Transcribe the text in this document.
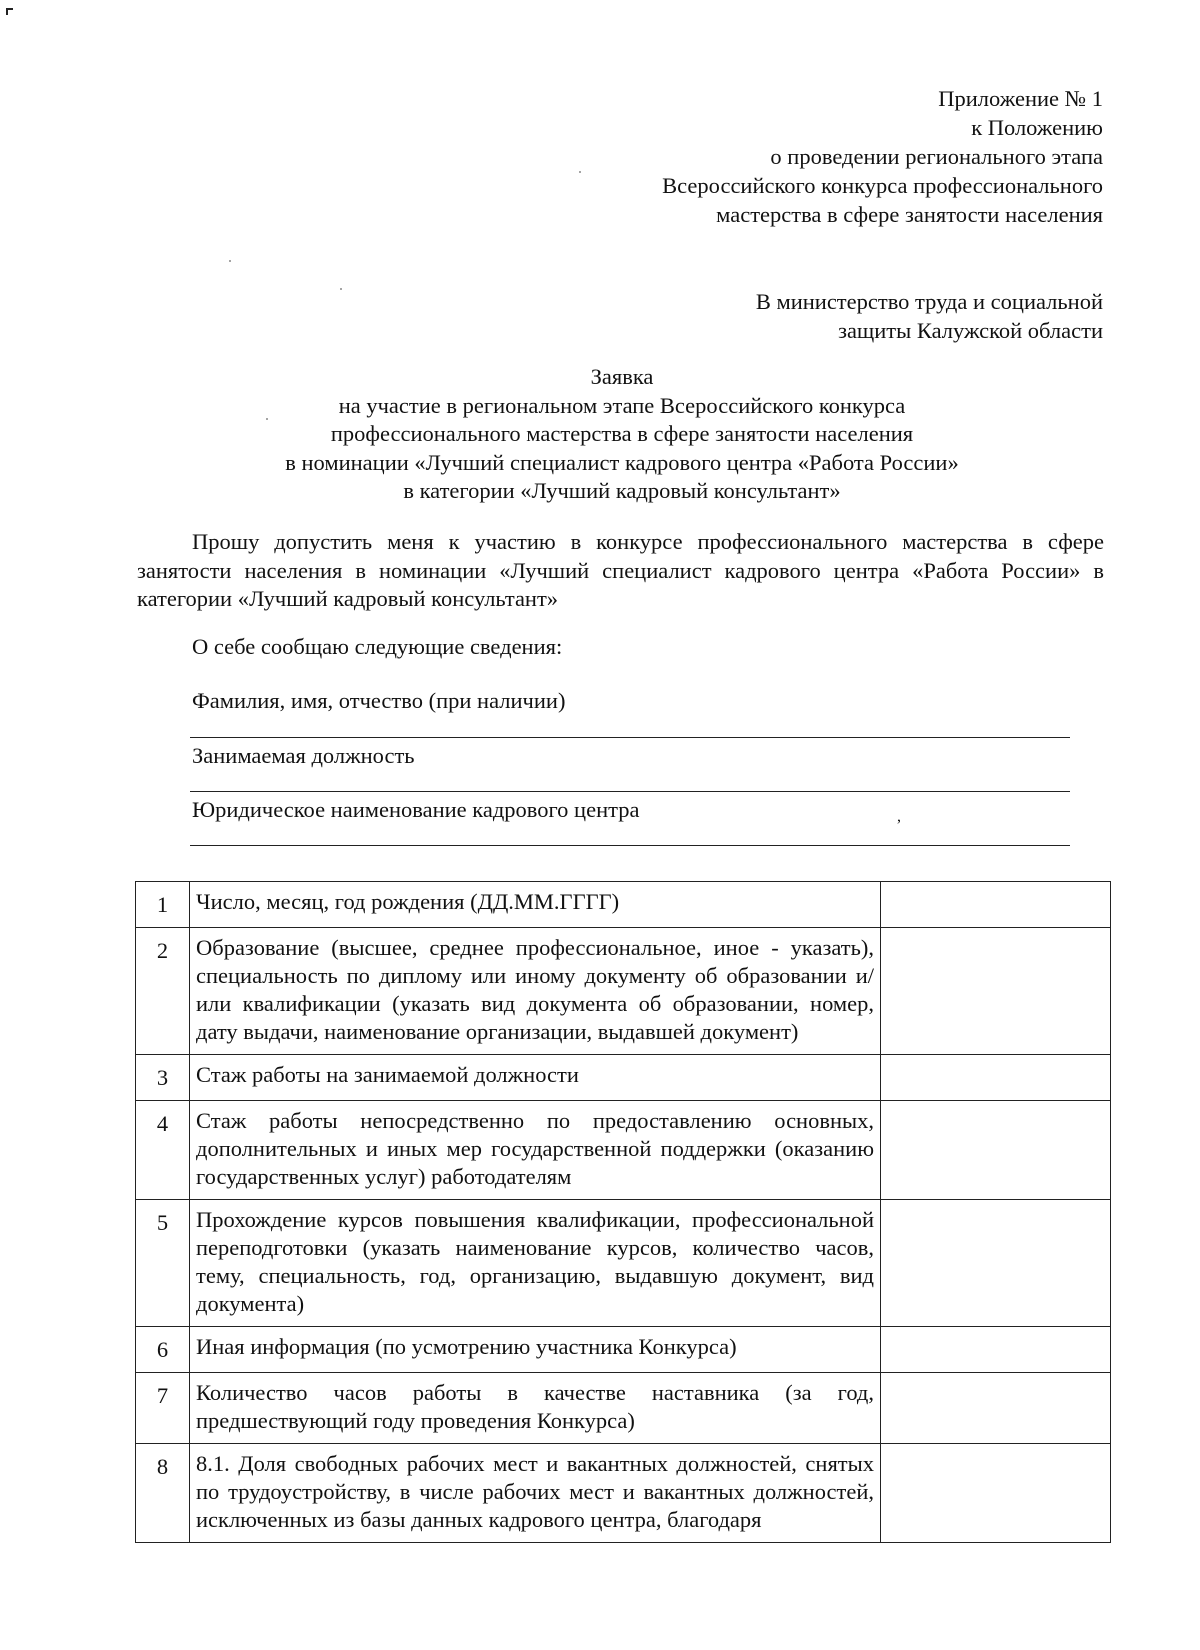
Приложение № 1
к Положению
о проведении регионального этапа
Всероссийского конкурса профессионального
мастерства в сфере занятости населения
В министерство труда и социальной
защиты Калужской области
Заявка
на участие в региональном этапе Всероссийского конкурса
профессионального мастерства в сфере занятости населения
в номинации «Лучший специалист кадрового центра «Работа России»
в категории «Лучший кадровый консультант»

Прошу допустить меня к участию в конкурсе профессионального мастерства в сфере занятости населения в номинации «Лучший специалист кадрового центра «Работа России» в категории «Лучший кадровый консультант»

О себе сообщаю следующие сведения:

Фамилия, имя, отчество (при наличии)

Занимаемая должность

Юридическое наименование кадрового центра	,
1	Число, месяц, год рождения (ДД.ММ.ГГГГ)	
2	Образование (высшее, среднее профессиональное, иное - указать), специальность по диплому или иному документу об образовании и/или квалификации (указать вид документа об образовании, номер, дату выдачи, наименование организации, выдавшей документ)	
3	Стаж работы на занимаемой должности	
4	Стаж работы непосредственно по предоставлению основных, дополнительных и иных мер государственной поддержки (оказанию государственных услуг) работодателям	
5	Прохождение курсов повышения квалификации, профессиональной переподготовки (указать наименование курсов, количество часов, тему, специальность, год, организацию, выдавшую документ, вид документа)	
6	Иная информация (по усмотрению участника Конкурса)	
7	Количество часов работы в качестве наставника (за год, предшествующий году проведения Конкурса)	
8	8.1. Доля свободных рабочих мест и вакантных должностей, снятых по трудоустройству, в числе рабочих мест и вакантных должностей, исключенных из базы данных кадрового центра, благодаря	
